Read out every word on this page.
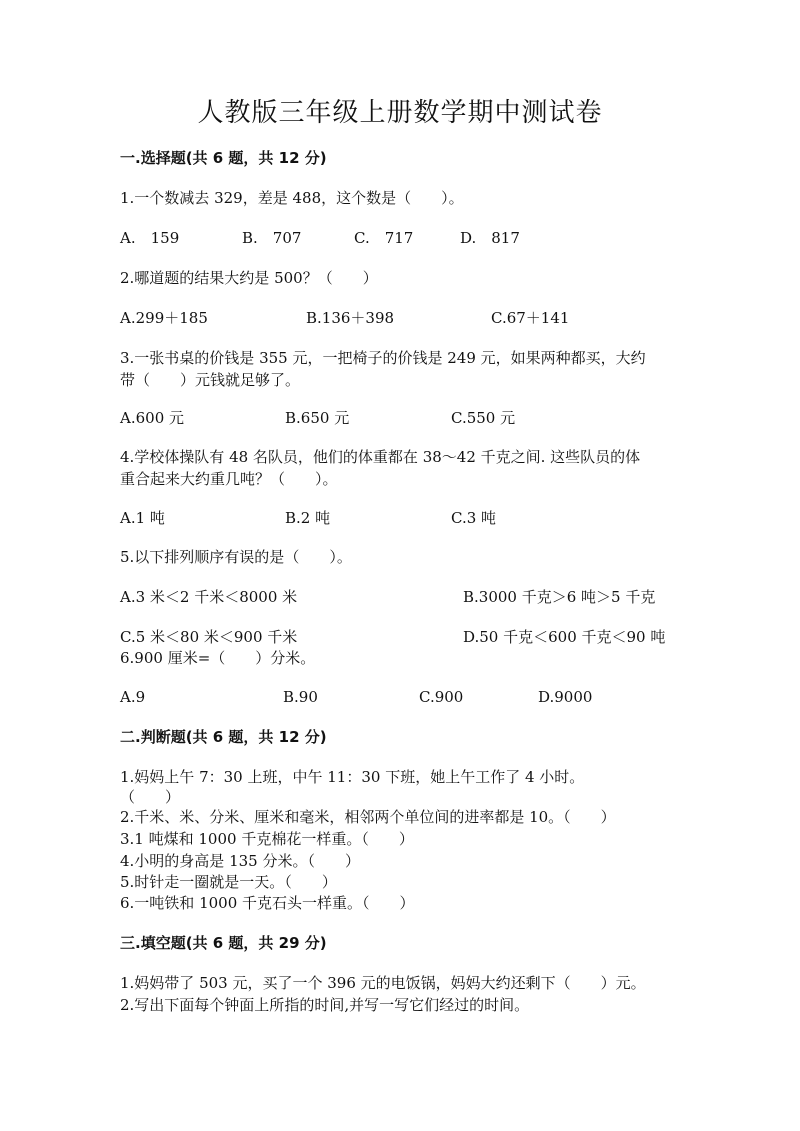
人教版三年级上册数学期中测试卷
一.选择题(共 6 题，共 12 分)
1.一个数减去 329，差是 488，这个数是（　　）。
A.　159	B.　707	C.　717	D.　817
2.哪道题的结果大约是 500？（　　）
A.299＋185	B.136＋398	C.67＋141
3.一张书桌的价钱是 355 元，一把椅子的价钱是 249 元，如果两种都买，大约
带（　　）元钱就足够了。
A.600 元	B.650 元	C.550 元
4.学校体操队有 48 名队员，他们的体重都在 38～42 千克之间. 这些队员的体
重合起来大约重几吨？（　　）。
A.1 吨	B.2 吨	C.3 吨
5.以下排列顺序有误的是（　　）。
A.3 米＜2 千米＜8000 米	B.3000 千克＞6 吨＞5 千克
C.5 米＜80 米＜900 千米	D.50 千克＜600 千克＜90 吨
6.900 厘米=（　　）分米。
A.9	B.90	C.900	D.9000
二.判断题(共 6 题，共 12 分)
1.妈妈上午 7：30 上班，中午 11：30 下班，她上午工作了 4 小时。
（　　）
2.千米、米、分米、厘米和毫米，相邻两个单位间的进率都是 10。（　　）
3.1 吨煤和 1000 千克棉花一样重。（　　）
4.小明的身高是 135 分米。（　　）
5.时针走一圈就是一天。（　　）
6.一吨铁和 1000 千克石头一样重。（　　）
三.填空题(共 6 题，共 29 分)
1.妈妈带了 503 元，买了一个 396 元的电饭锅，妈妈大约还剩下（　　）元。
2.写出下面每个钟面上所指的时间,并写一写它们经过的时间。
